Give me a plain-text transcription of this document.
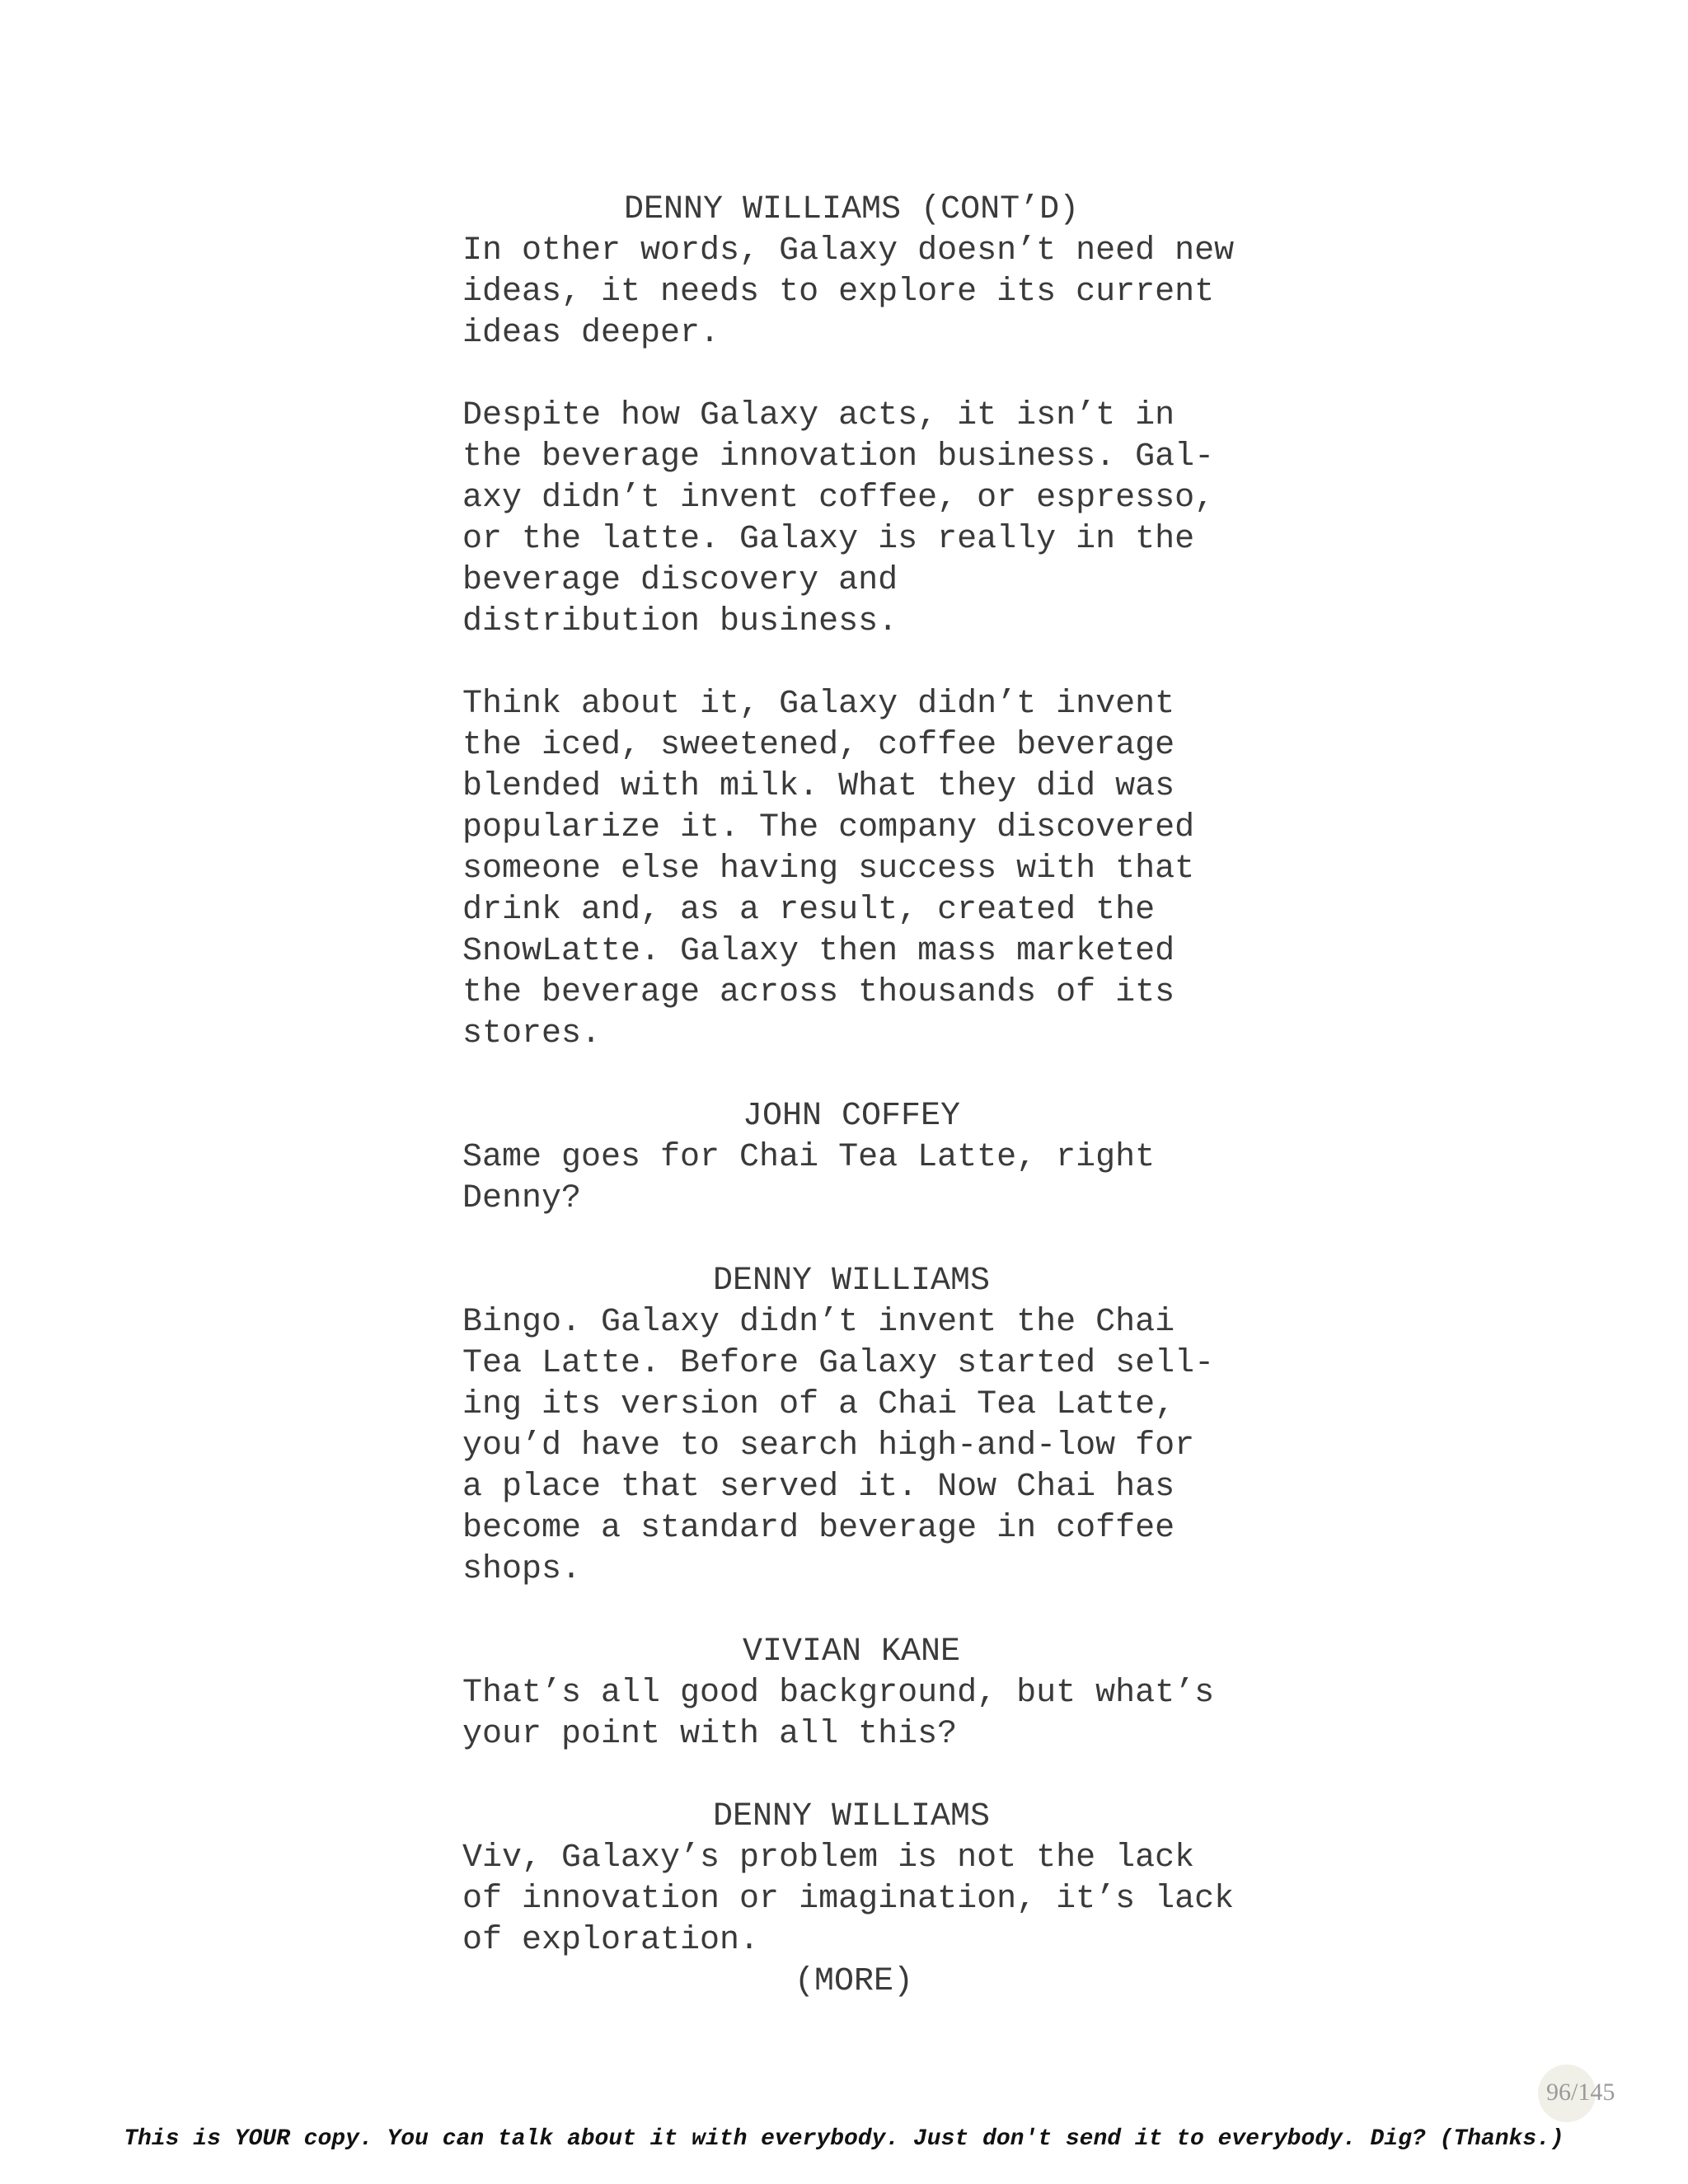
DENNY WILLIAMS (CONT’D)
In other words, Galaxy doesn’t need new
ideas, it needs to explore its current
ideas deeper.
Despite how Galaxy acts, it isn’t in
the beverage innovation business. Gal-
axy didn’t invent coffee, or espresso,
or the latte. Galaxy is really in the
beverage discovery and
distribution business.
Think about it, Galaxy didn’t invent
the iced, sweetened, coffee beverage
blended with milk. What they did was
popularize it. The company discovered
someone else having success with that
drink and, as a result, created the
SnowLatte. Galaxy then mass marketed
the beverage across thousands of its
stores.
JOHN COFFEY
Same goes for Chai Tea Latte, right
Denny?
DENNY WILLIAMS
Bingo. Galaxy didn’t invent the Chai
Tea Latte. Before Galaxy started sell-
ing its version of a Chai Tea Latte,
you’d have to search high-and-low for
a place that served it. Now Chai has
become a standard beverage in coffee
shops.
VIVIAN KANE
That’s all good background, but what’s
your point with all this?
DENNY WILLIAMS
Viv, Galaxy’s problem is not the lack
of innovation or imagination, it’s lack
of exploration.
(MORE)
96/145
This is YOUR copy. You can talk about it with everybody. Just don't send it to everybody. Dig? (Thanks.)
